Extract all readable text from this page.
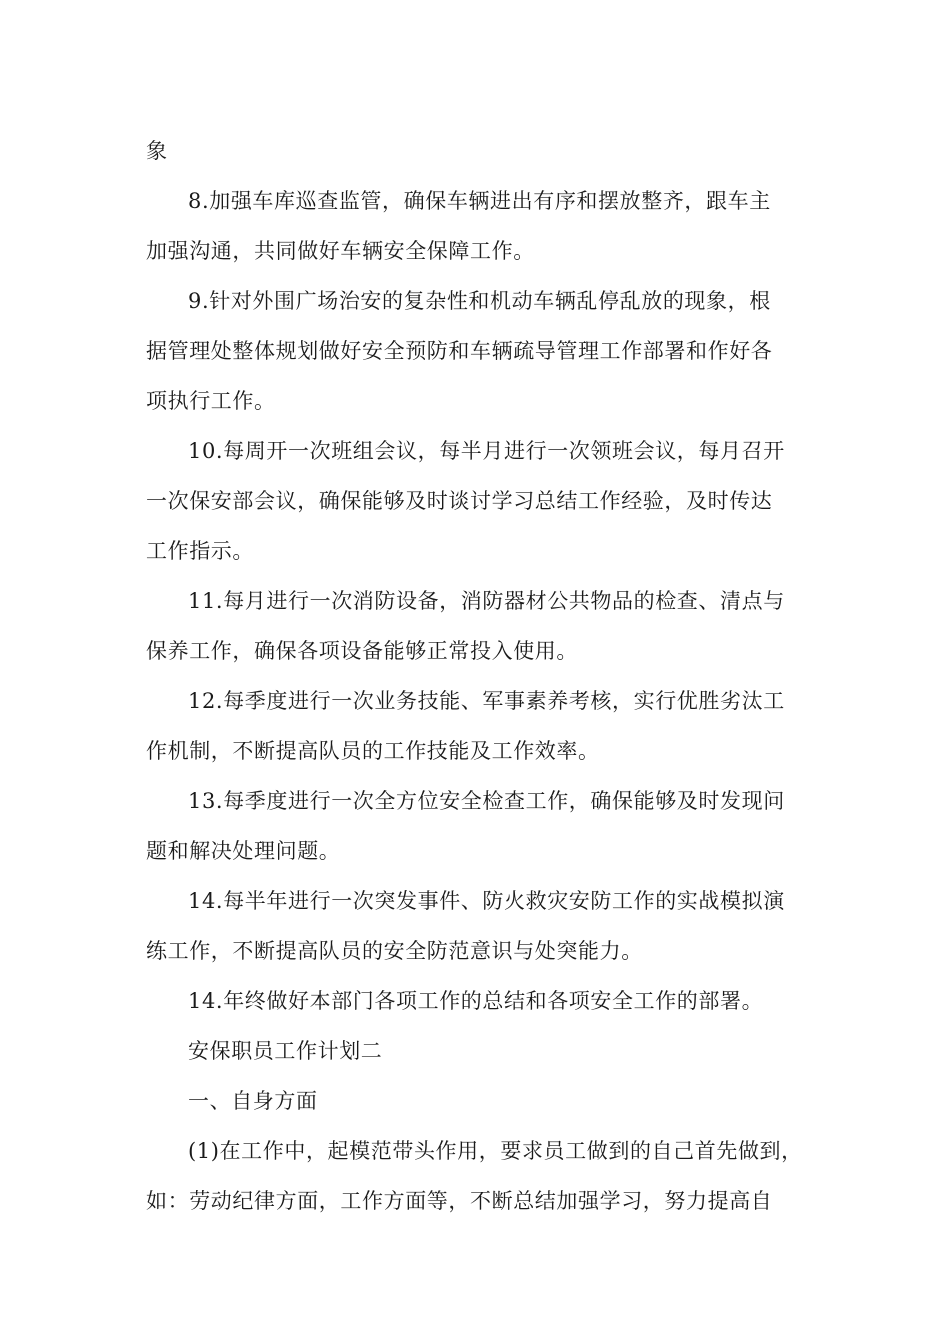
象
8.加强车库巡查监管，确保车辆进出有序和摆放整齐，跟车主
加强沟通，共同做好车辆安全保障工作。
9.针对外围广场治安的复杂性和机动车辆乱停乱放的现象，根
据管理处整体规划做好安全预防和车辆疏导管理工作部署和作好各
项执行工作。
10.每周开一次班组会议，每半月进行一次领班会议，每月召开
一次保安部会议，确保能够及时谈讨学习总结工作经验，及时传达
工作指示。
11.每月进行一次消防设备，消防器材公共物品的检查、清点与
保养工作，确保各项设备能够正常投入使用。
12.每季度进行一次业务技能、军事素养考核，实行优胜劣汰工
作机制，不断提高队员的工作技能及工作效率。
13.每季度进行一次全方位安全检查工作，确保能够及时发现问
题和解决处理问题。
14.每半年进行一次突发事件、防火救灾安防工作的实战模拟演
练工作，不断提高队员的安全防范意识与处突能力。
14.年终做好本部门各项工作的总结和各项安全工作的部署。
安保职员工作计划二
一、自身方面
(1)在工作中，起模范带头作用，要求员工做到的自己首先做到，
如：劳动纪律方面，工作方面等，不断总结加强学习，努力提高自
